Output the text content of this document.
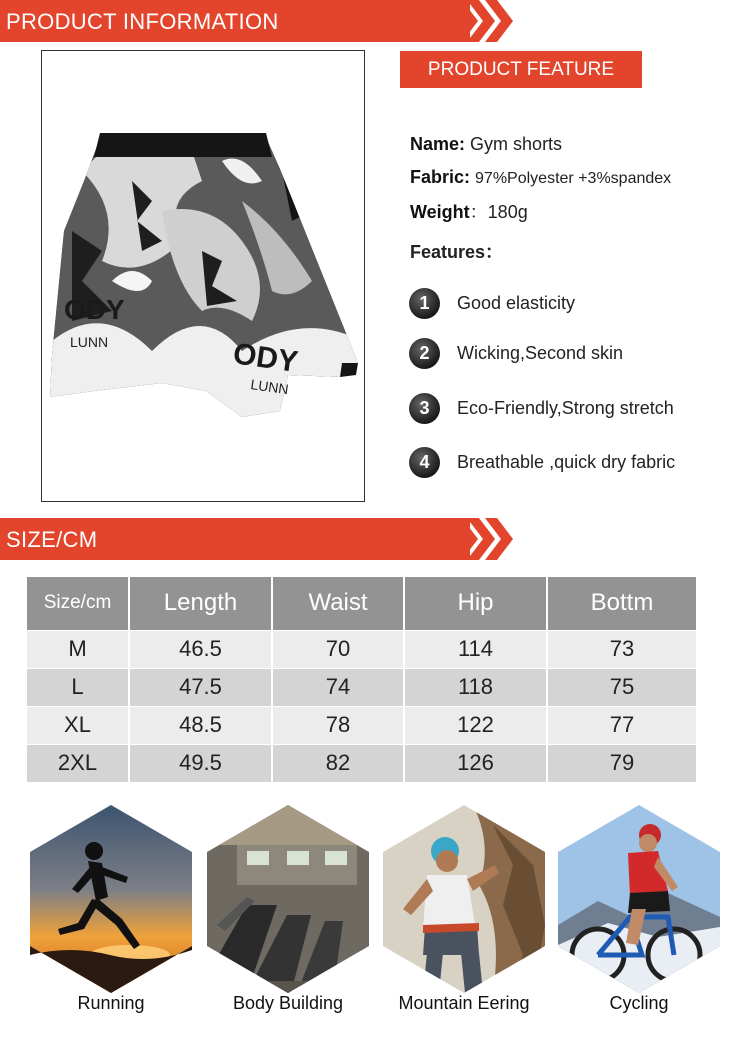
PRODUCT INFORMATION
ODY
ODY
LUNN
LUNN
PRODUCT FEATURE
Name: Gym shorts
Fabric: 97%Polyester +3%spandex
Weight：180g
Features：
1	Good elasticity
2	Wicking,Second skin
3	Eco-Friendly,Strong stretch
4	Breathable ,quick dry fabric
SIZE/CM
Size/cm	Length	Waist	Hip	Bottm
M	46.5	70	114	73
L	47.5	74	118	75
XL	48.5	78	122	77
2XL	49.5	82	126	79
Running	Body Building	Mountain Eering	Cycling
